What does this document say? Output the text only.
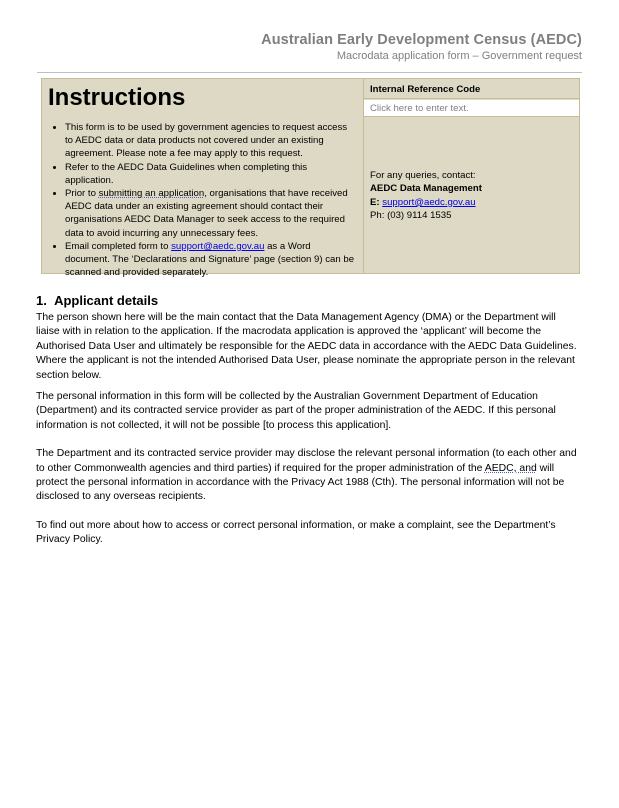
Australian Early Development Census (AEDC)
Macrodata application form – Government request
Instructions
• This form is to be used by government agencies to request access to AEDC data or data products not covered under an existing agreement. Please note a fee may apply to this request.
• Refer to the AEDC Data Guidelines when completing this application.
• Prior to submitting an application, organisations that have received AEDC data under an existing agreement should contact their organisations AEDC Data Manager to seek access to the required data to avoid incurring any unnecessary fees.
• Email completed form to support@aedc.gov.au as a Word document. The ‘Declarations and Signature’ page (section 9) can be scanned and provided separately.
Internal Reference Code
Click here to enter text.
For any queries, contact:
AEDC Data Management
E: support@aedc.gov.au
Ph: (03) 9114 1535
1.  Applicant details

The person shown here will be the main contact that the Data Management Agency (DMA) or the Department will liaise with in relation to the application. If the macrodata application is approved the ‘applicant’ will become the Authorised Data User and ultimately be responsible for the AEDC data in accordance with the AEDC Data Guidelines. Where the applicant is not the intended Authorised Data User, please nominate the appropriate person in the relevant section below.

The personal information in this form will be collected by the Australian Government Department of Education (Department) and its contracted service provider as part of the proper administration of the AEDC. If this personal information is not collected, it will not be possible [to process this application].

The Department and its contracted service provider may disclose the relevant personal information (to each other and to other Commonwealth agencies and third parties) if required for the proper administration of the AEDC, and will protect the personal information in accordance with the Privacy Act 1988 (Cth). The personal information will not be disclosed to any overseas recipients.

To find out more about how to access or correct personal information, or make a complaint, see the Department’s Privacy Policy.
